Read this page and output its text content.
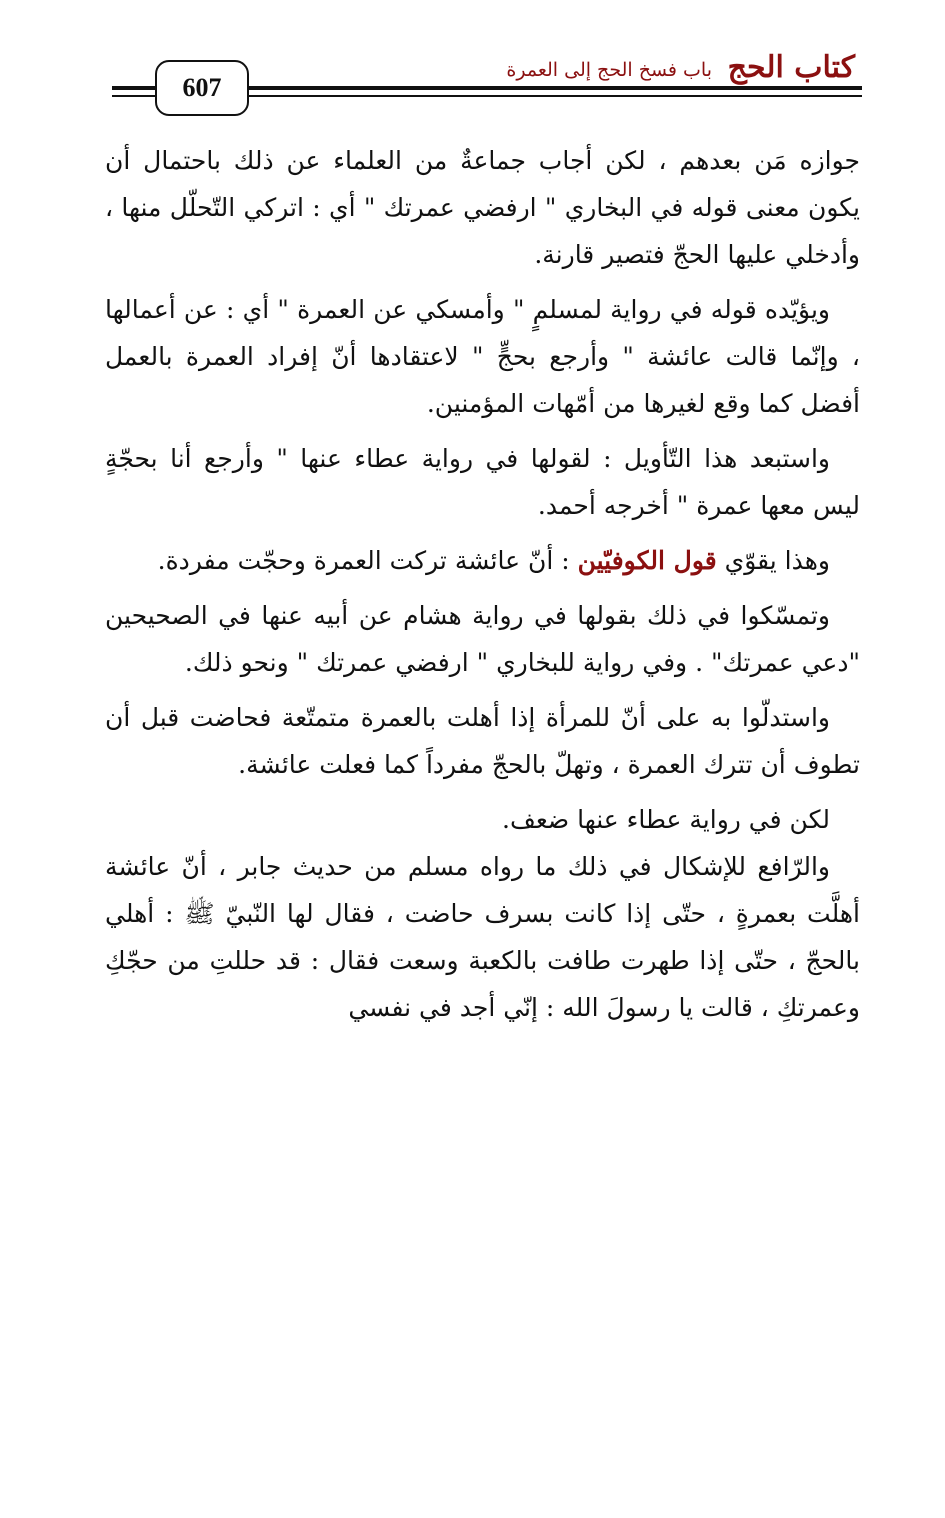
كتاب الحج
باب فسخ الحج إلى العمرة
607

جوازه مَن بعدهم ، لكن أجاب جماعةٌ من العلماء عن ذلك باحتمال أن يكون معنى قوله في البخاري " ارفضي عمرتك " أي : اتركي التّحلّل منها ، وأدخلي عليها الحجّ فتصير قارنة.

ويؤيّده قوله في رواية لمسلمٍ " وأمسكي عن العمرة " أي : عن أعمالها ، وإنّما قالت عائشة " وأرجع بحجٍّ " لاعتقادها أنّ إفراد العمرة بالعمل أفضل كما وقع لغيرها من أمّهات المؤمنين.

واستبعد هذا التّأويل : لقولها في رواية عطاء عنها " وأرجع أنا بحجّةٍ ليس معها عمرة " أخرجه أحمد.

وهذا يقوّي قول الكوفيّين : أنّ عائشة تركت العمرة وحجّت مفردة.

وتمسّكوا في ذلك بقولها في رواية هشام عن أبيه عنها في الصحيحين "دعي عمرتك" . وفي رواية للبخاري " ارفضي عمرتك " ونحو ذلك.

واستدلّوا به على أنّ للمرأة إذا أهلت بالعمرة متمتّعة فحاضت قبل أن تطوف أن تترك العمرة ، وتهلّ بالحجّ مفرداً كما فعلت عائشة.

لكن في رواية عطاء عنها ضعف.

والرّافع للإشكال في ذلك ما رواه مسلم من حديث جابر ، أنّ عائشة أهلَّت بعمرةٍ ، حتّى إذا كانت بسرف حاضت ، فقال لها النّبيّ ﷺ : أهلي بالحجّ ، حتّى إذا طهرت طافت بالكعبة وسعت فقال : قد حللتِ من حجّكِ وعمرتكِ ، قالت يا رسولَ الله : إنّي أجد في نفسي
